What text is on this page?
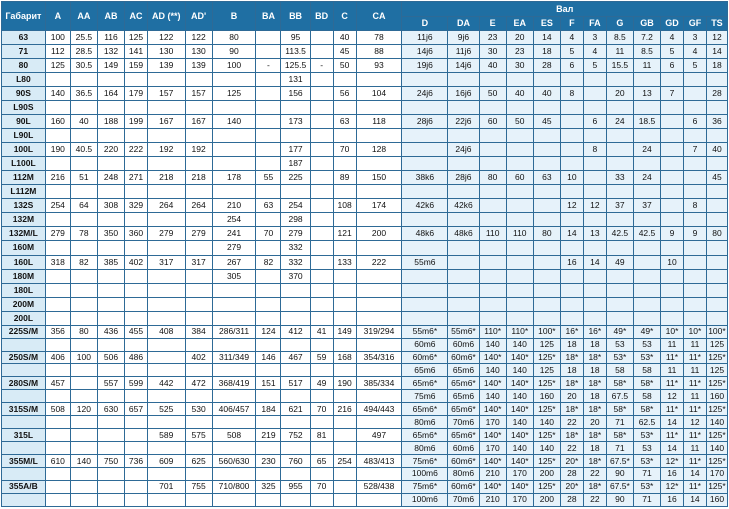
Габарит	A	AA	AB	AC	AD (**)	AD'	B	BA	BB	BD	C	CA	Вал											
													D	DA	E	EA	ES	F	FA	G	GB	GD	GF	TS
63	100	25.5	116	125	122	122	80		95		40	78	11j6	9j6	23	20	14	4	3	8.5	7.2	4	3	12
71	112	28.5	132	141	130	130	90		113.5		45	88	14j6	11j6	30	23	18	5	4	11	8.5	5	4	14
80	125	30.5	149	159	139	139	100	-	125.5	-	50	93	19j6	14j6	40	30	28	6	5	15.5	11	6	5	18
L80									131															
90S	140	36.5	164	179	157	157	125		156		56	104	24j6	16j6	50	40	40	8		20	13	7		28
L90S																								
90L	160	40	188	199	167	167	140		173		63	118	28j6	22j6	60	50	45		6	24	18.5		6	36
L90L																								
100L	190	40.5	220	222	192	192			177		70	128		24j6					8		24		7	40
L100L									187															
112M	216	51	248	271	218	218	178	55	225		89	150	38k6	28j6	80	60	63	10		33	24			45
L112M																								
132S	254	64	308	329	264	264	210	63	254		108	174	42k6	42k6				12	12	37	37		8	
132M							254		298															
132M/L	279	78	350	360	279	279	241	70	279		121	200	48k6	48k6	110	110	80	14	13	42.5	42.5	9	9	80
160M							279		332															
160L	318	82	385	402	317	317	267	82	332		133	222	55m6					16	14	49		10		
180M							305		370															
180L																								
200M																								
200L																								
225S/M	356	80	436	455	408	384	286/311	124	412	41	149	319/294	55m6*	55m6*	110*	110*	100*	16*	16*	49*	49*	10*	10*	100*
													60m6	60m6	140	140	125	18	18	53	53	11	11	125
250S/M	406	100	506	486		402	311/349	146	467	59	168	354/316	60m6*	60m6*	140*	140*	125*	18*	18*	53*	53*	11*	11*	125*
													65m6	65m6	140	140	125	18	18	58	58	11	11	125
280S/M	457		557	599	442	472	368/419	151	517	49	190	385/334	65m6*	65m6*	140*	140*	125*	18*	18*	58*	58*	11*	11*	125*
													75m6	65m6	140	140	160	20	18	67.5	58	12	11	160
315S/M	508	120	630	657	525	530	406/457	184	621	70	216	494/443	65m6*	65m6*	140*	140*	125*	18*	18*	58*	58*	11*	11*	125*
													80m6	70m6	170	140	140	22	20	71	62.5	14	12	140
315L					589	575	508	219	752	81		497	65m6*	65m6*	140*	140*	125*	18*	18*	58*	53*	11*	11*	125*
													80m6	60m6	170	140	140	22	18	71	53	14	11	140
355M/L	610	140	750	736	609	625	560/630	230	760	65	254	483/413	75m6*	60m6*	140*	140*	125*	20*	18*	67.5*	53*	12*	11*	125*
													100m6	80m6	210	170	200	28	22	90	71	16	14	170
355A/B					701	755	710/800	325	955	70		528/438	75m6*	60m6*	140*	140*	125*	20*	18*	67.5*	53*	12*	11*	125*
													100m6	70m6	210	170	200	28	22	90	71	16	14	160
